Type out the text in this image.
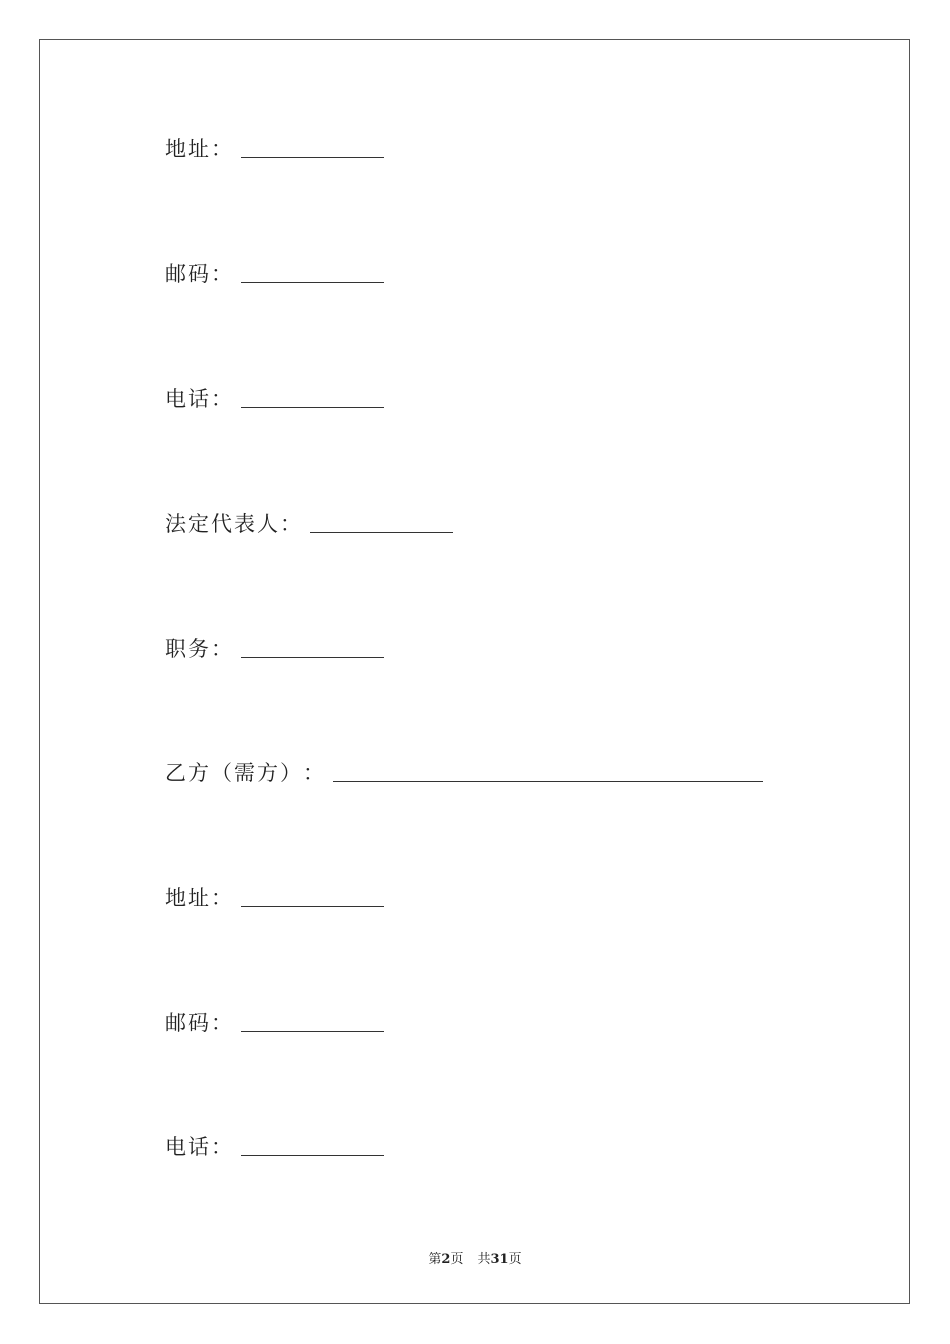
地址 ：
邮码 ：
电话 ：
法定代表人 ：
职务 ：
乙方（需方） ：
地址 ：
邮码 ：
电话 ：
第2页 共31页
